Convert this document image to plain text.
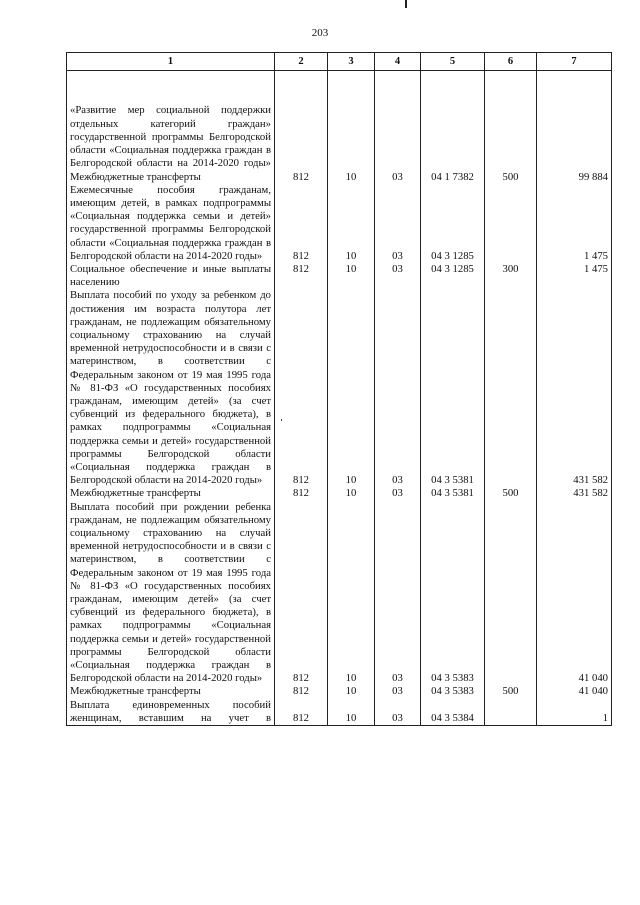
203
1	2	3	4	5	6	7
«Развитие мер социальной поддержки отдельных категорий граждан» государственной программы Белгородской области «Социальная поддержка граждан в Белгородской области на 2014-2020 годы»						
Межбюджетные трансферты	812	10	03	04 1 7382	500	99 884
Ежемесячные пособия гражданам, имеющим детей, в рамках подпрограммы «Социальная поддержка семьи и детей» государственной программы Белгородской области «Социальная поддержка граждан в Белгородской области на 2014-2020 годы»	812	10	03	04 3 1285		1 475
Социальное обеспечение и иные выплаты населению	812	10	03	04 3 1285	300	1 475
Выплата пособий по уходу за ребенком до достижения им возраста полутора лет гражданам, не подлежащим обязательному социальному страхованию на случай временной нетрудоспособности и в связи с материнством, в соответствии с Федеральным законом от 19 мая 1995 года № 81-ФЗ «О государственных пособиях гражданам, имеющим детей» (за счет субвенций из федерального бюджета), в рамках подпрограммы «Социальная поддержка семьи и детей» государственной программы Белгородской области «Социальная поддержка граждан в Белгородской области на 2014-2020 годы»	812	10	03	04 3 5381		431 582
Межбюджетные трансферты	812	10	03	04 3 5381	500	431 582
Выплата пособий при рождении ребенка гражданам, не подлежащим обязательному социальному страхованию на случай временной нетрудоспособности и в связи с материнством, в соответствии с Федеральным законом от 19 мая 1995 года № 81-ФЗ «О государственных пособиях гражданам, имеющим детей» (за счет субвенций из федерального бюджета), в рамках подпрограммы «Социальная поддержка семьи и детей» государственной программы Белгородской области «Социальная поддержка граждан в Белгородской области на 2014-2020 годы»	812	10	03	04 3 5383		41 040
Межбюджетные трансферты	812	10	03	04 3 5383	500	41 040
Выплата единовременных пособий женщинам, вставшим на учет в	812	10	03	04 3 5384		1
